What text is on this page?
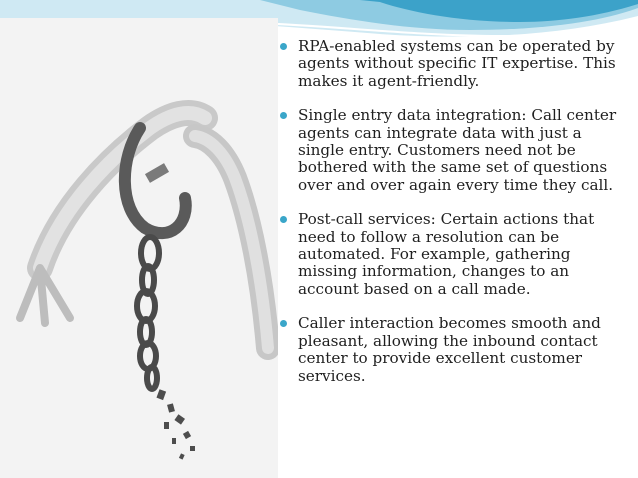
RPA-enabled systems can be operated by agents without specific IT expertise. This makes it agent-friendly.
Single entry data integration: Call center agents can integrate data with just a single entry. Customers need not be bothered with the same set of questions over and over again every time they call.
Post-call services: Certain actions that need to follow a resolution can be automated. For example, gathering missing information, changes to an account based on a call made.
Caller interaction becomes smooth and pleasant, allowing the inbound contact center to provide excellent customer services.
